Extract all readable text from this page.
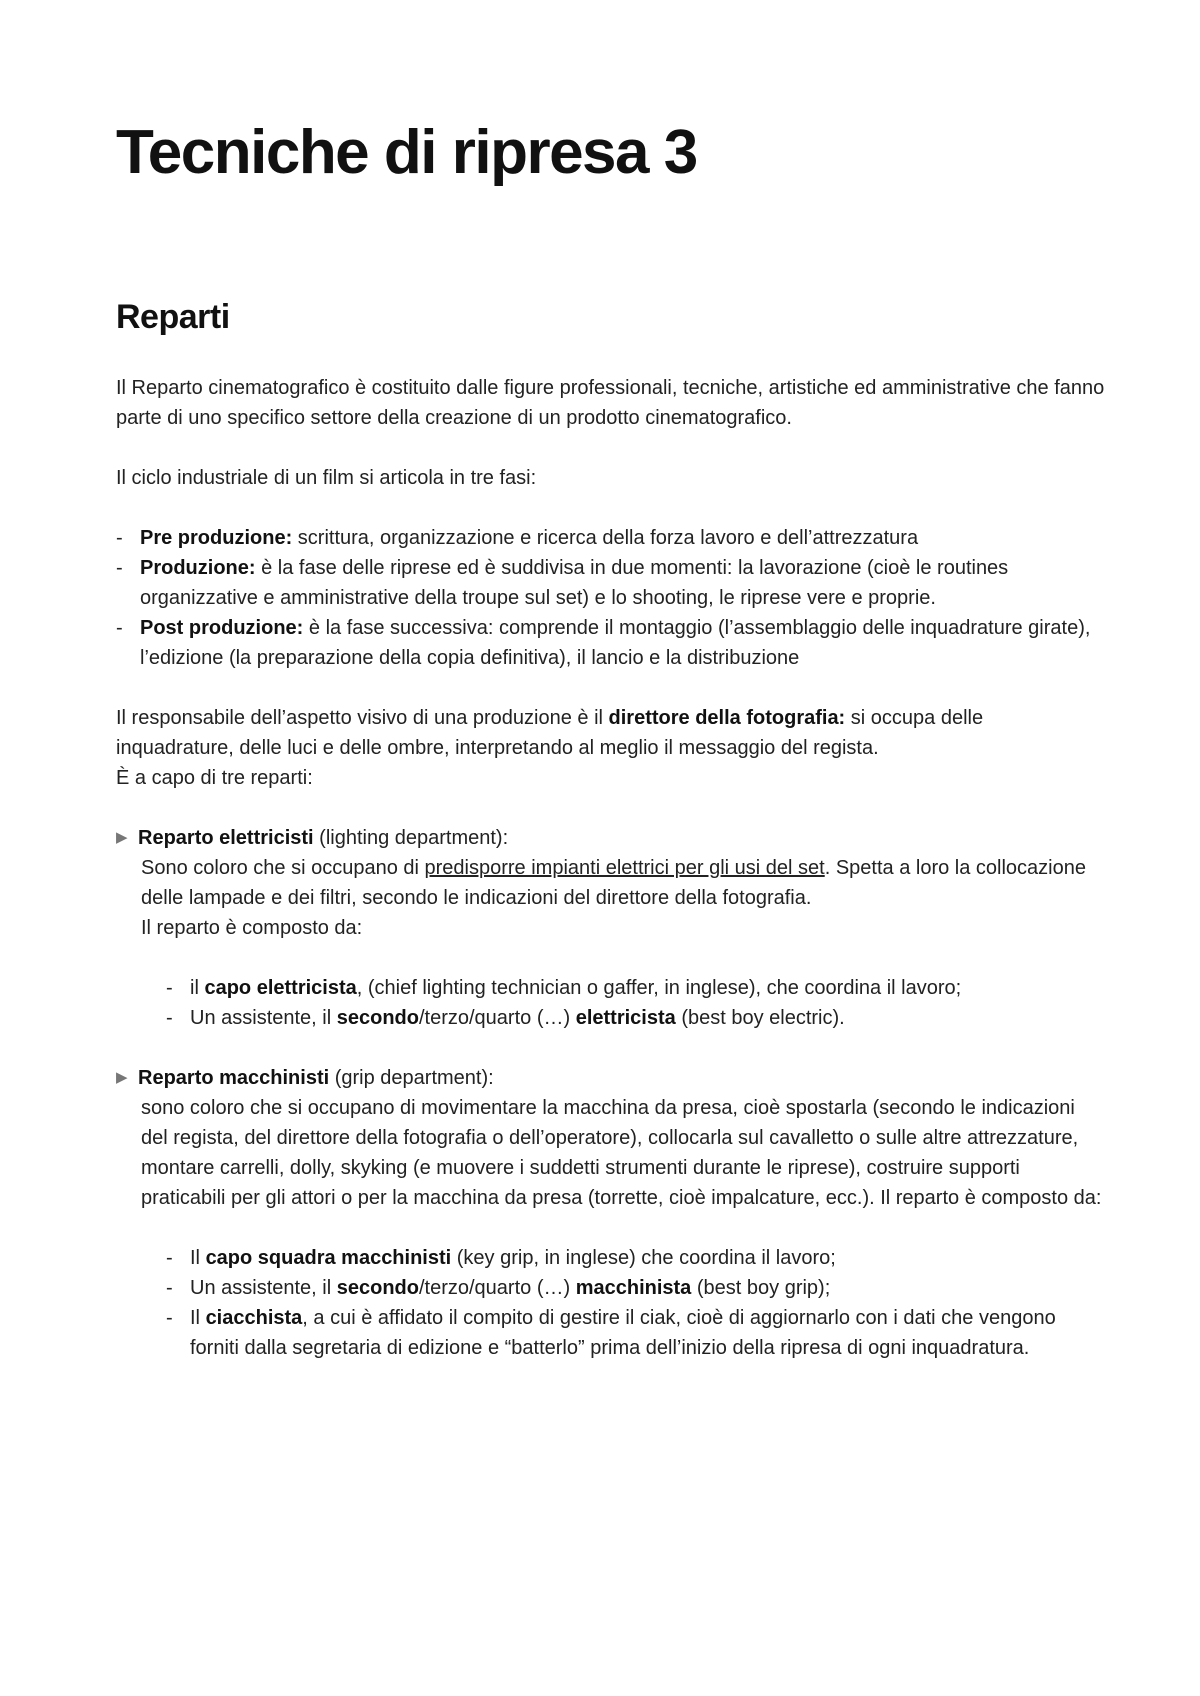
Tecniche di ripresa 3
Reparti

Il Reparto cinematografico è costituito dalle figure professionali, tecniche, artistiche ed amministrative che fanno parte di uno specifico settore della creazione di un prodotto cinematografico.

Il ciclo industriale di un film si articola in tre fasi:

- Pre produzione: scrittura, organizzazione e ricerca della forza lavoro e dell’attrezzatura
- Produzione: è la fase delle riprese ed è suddivisa in due momenti: la lavorazione (cioè le routines organizzative e amministrative della troupe sul set) e lo shooting, le riprese vere e proprie.
- Post produzione: è la fase successiva: comprende il montaggio (l’assemblaggio delle inquadrature girate), l’edizione (la preparazione della copia definitiva), il lancio e la distribuzione

Il responsabile dell’aspetto visivo di una produzione è il direttore della fotografia: si occupa delle inquadrature, delle luci e delle ombre, interpretando al meglio il messaggio del regista.

È a capo di tre reparti:

▶ Reparto elettricisti (lighting department):

Sono coloro che si occupano di predisporre impianti elettrici per gli usi del set. Spetta a loro la collocazione delle lampade e dei filtri, secondo le indicazioni del direttore della fotografia.

Il reparto è composto da:

- il capo elettricista, (chief lighting technician o gaffer, in inglese), che coordina il lavoro;
- Un assistente, il secondo/terzo/quarto (…) elettricista (best boy electric).
▶ Reparto macchinisti (grip department):

sono coloro che si occupano di movimentare la macchina da presa, cioè spostarla (secondo le indicazioni del regista, del direttore della fotografia o dell’operatore), collocarla sul cavalletto o sulle altre attrezzature, montare carrelli, dolly, skyking (e muovere i suddetti strumenti durante le riprese), costruire supporti praticabili per gli attori o per la macchina da presa (torrette, cioè impalcature, ecc.). Il reparto è composto da:

- Il capo squadra macchinisti (key grip, in inglese) che coordina il lavoro;
- Un assistente, il secondo/terzo/quarto (…) macchinista (best boy grip);
- Il ciacchista, a cui è affidato il compito di gestire il ciak, cioè di aggiornarlo con i dati che vengono forniti dalla segretaria di edizione e “batterlo” prima dell’inizio della ripresa di ogni inquadratura.
